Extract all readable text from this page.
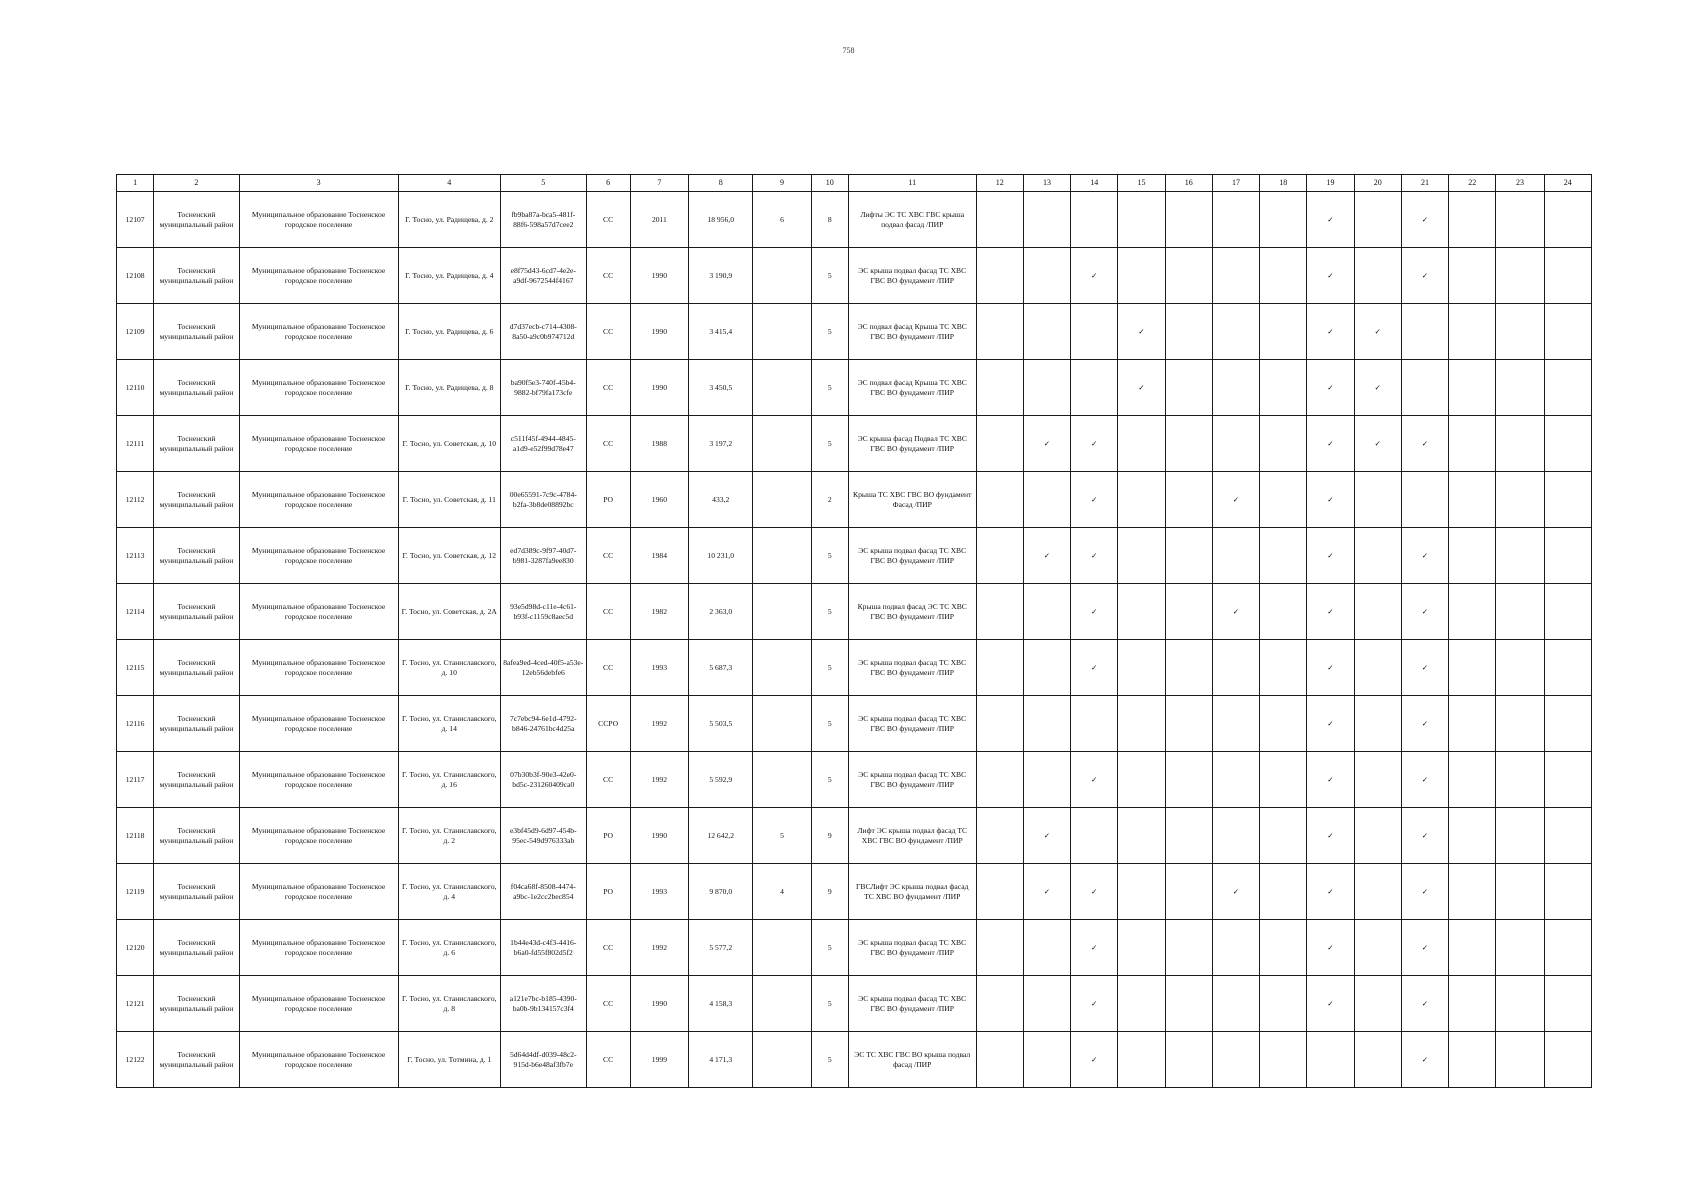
758
1	2	3	4	5	6	7	8	9	10	11	12	13	14	15	16	17	18	19	20	21	22	23	24
12107	Тосненский муниципальный район	Муниципальное образование Тосненское городское поселение	Г. Тосно, ул. Радищева, д. 2	fb9ba87a-bca5-481f-88f6-598a57d7cee2	СС	2011	18 956,0	6	8	Лифты ЭС ТС ХВС ГВС крыша подвал фасад /ПИР								✓		✓			
12108	Тосненский муниципальный район	Муниципальное образование Тосненское городское поселение	Г. Тосно, ул. Радищева, д. 4	e8f75d43-6cd7-4e2e-a9df-9672544f4167	СС	1990	3 190,9		5	ЭС крыша подвал фасад ТС ХВС ГВС ВО фундамент /ПИР			✓					✓		✓			
12109	Тосненский муниципальный район	Муниципальное образование Тосненское городское поселение	Г. Тосно, ул. Радищева, д. 6	d7d37ecb-c714-4308-8a50-a9c0b974712d	СС	1990	3 415,4		5	ЭС подвал фасад Крыша ТС ХВС ГВС ВО фундамент /ПИР				✓				✓	✓				
12110	Тосненский муниципальный район	Муниципальное образование Тосненское городское поселение	Г. Тосно, ул. Радищева, д. 8	ba90f5e3-740f-45b4-9882-bf79fa173cfe	СС	1990	3 450,5		5	ЭС подвал фасад Крыша ТС ХВС ГВС ВО фундамент /ПИР				✓				✓	✓				
12111	Тосненский муниципальный район	Муниципальное образование Тосненское городское поселение	Г. Тосно, ул. Советская, д. 10	c511f45f-4944-4845-a1d9-e52f99d78e47	СС	1988	3 197,2		5	ЭС крыша фасад Подвал ТС ХВС ГВС ВО фундамент /ПИР		✓	✓					✓	✓	✓			
12112	Тосненский муниципальный район	Муниципальное образование Тосненское городское поселение	Г. Тосно, ул. Советская, д. 11	00e65591-7c9c-4784-b2fa-3b8de08892bc	РО	1960	433,2		2	Крыша ТС ХВС ГВС ВО фундамент Фасад /ПИР			✓			✓		✓					
12113	Тосненский муниципальный район	Муниципальное образование Тосненское городское поселение	Г. Тосно, ул. Советская, д. 12	ed7d389c-9f97-40d7-b981-3287fa9ee830	СС	1984	10 231,0		5	ЭС крыша подвал фасад ТС ХВС ГВС ВО фундамент /ПИР		✓	✓					✓		✓			
12114	Тосненский муниципальный район	Муниципальное образование Тосненское городское поселение	Г. Тосно, ул. Советская, д. 2А	93e5d98d-c11e-4c61-b93f-c1159c8aec5d	СС	1982	2 363,0		5	Крыша подвал фасад ЭС ТС ХВС ГВС ВО фундамент /ПИР			✓			✓		✓		✓			
12115	Тосненский муниципальный район	Муниципальное образование Тосненское городское поселение	Г. Тосно, ул. Станиславского, д. 10	8afea9ed-4ced-40f5-a53e-12eb56debfe6	СС	1993	5 687,3		5	ЭС крыша подвал фасад ТС ХВС ГВС ВО фундамент /ПИР			✓					✓		✓			
12116	Тосненский муниципальный район	Муниципальное образование Тосненское городское поселение	Г. Тосно, ул. Станиславского, д. 14	7c7ebc94-6e1d-4792-b846-24761bc4d25a	ССРО	1992	5 503,5		5	ЭС крыша подвал фасад ТС ХВС ГВС ВО фундамент /ПИР								✓		✓			
12117	Тосненский муниципальный район	Муниципальное образование Тосненское городское поселение	Г. Тосно, ул. Станиславского, д. 16	07b30b3f-90e3-42e0-bd5c-231260409ca0	СС	1992	5 592,9		5	ЭС крыша подвал фасад ТС ХВС ГВС ВО фундамент /ПИР			✓					✓		✓			
12118	Тосненский муниципальный район	Муниципальное образование Тосненское городское поселение	Г. Тосно, ул. Станиславского, д. 2	e3bf45d9-6d97-454b-95ec-549d976333ab	РО	1990	12 642,2	5	9	Лифт ЭС крыша подвал фасад ТС ХВС ГВС ВО фундамент /ПИР		✓						✓		✓			
12119	Тосненский муниципальный район	Муниципальное образование Тосненское городское поселение	Г. Тосно, ул. Станиславского, д. 4	f04ca68f-8508-4474-a9bc-1e2cc2bec854	РО	1993	9 870,0	4	9	ГВСЛифт ЭС крыша подвал фасад ТС ХВС ВО фундамент /ПИР		✓	✓			✓		✓		✓			
12120	Тосненский муниципальный район	Муниципальное образование Тосненское городское поселение	Г. Тосно, ул. Станиславского, д. 6	1b44e43d-c4f3-4416-b6a0-fd55f802d5f2	СС	1992	5 577,2		5	ЭС крыша подвал фасад ТС ХВС ГВС ВО фундамент /ПИР			✓					✓		✓			
12121	Тосненский муниципальный район	Муниципальное образование Тосненское городское поселение	Г. Тосно, ул. Станиславского, д. 8	a121e7bc-b185-4390-ba0b-9b134157c3f4	СС	1990	4 158,3		5	ЭС крыша подвал фасад ТС ХВС ГВС ВО фундамент /ПИР			✓					✓		✓			
12122	Тосненский муниципальный район	Муниципальное образование Тосненское городское поселение	Г. Тосно, ул. Тотмина, д. 1	5d64d4df-d039-48c2-915d-b6e48af3fb7e	СС	1999	4 171,3		5	ЭС ТС ХВС ГВС ВО крыша подвал фасад /ПИР			✓							✓			
